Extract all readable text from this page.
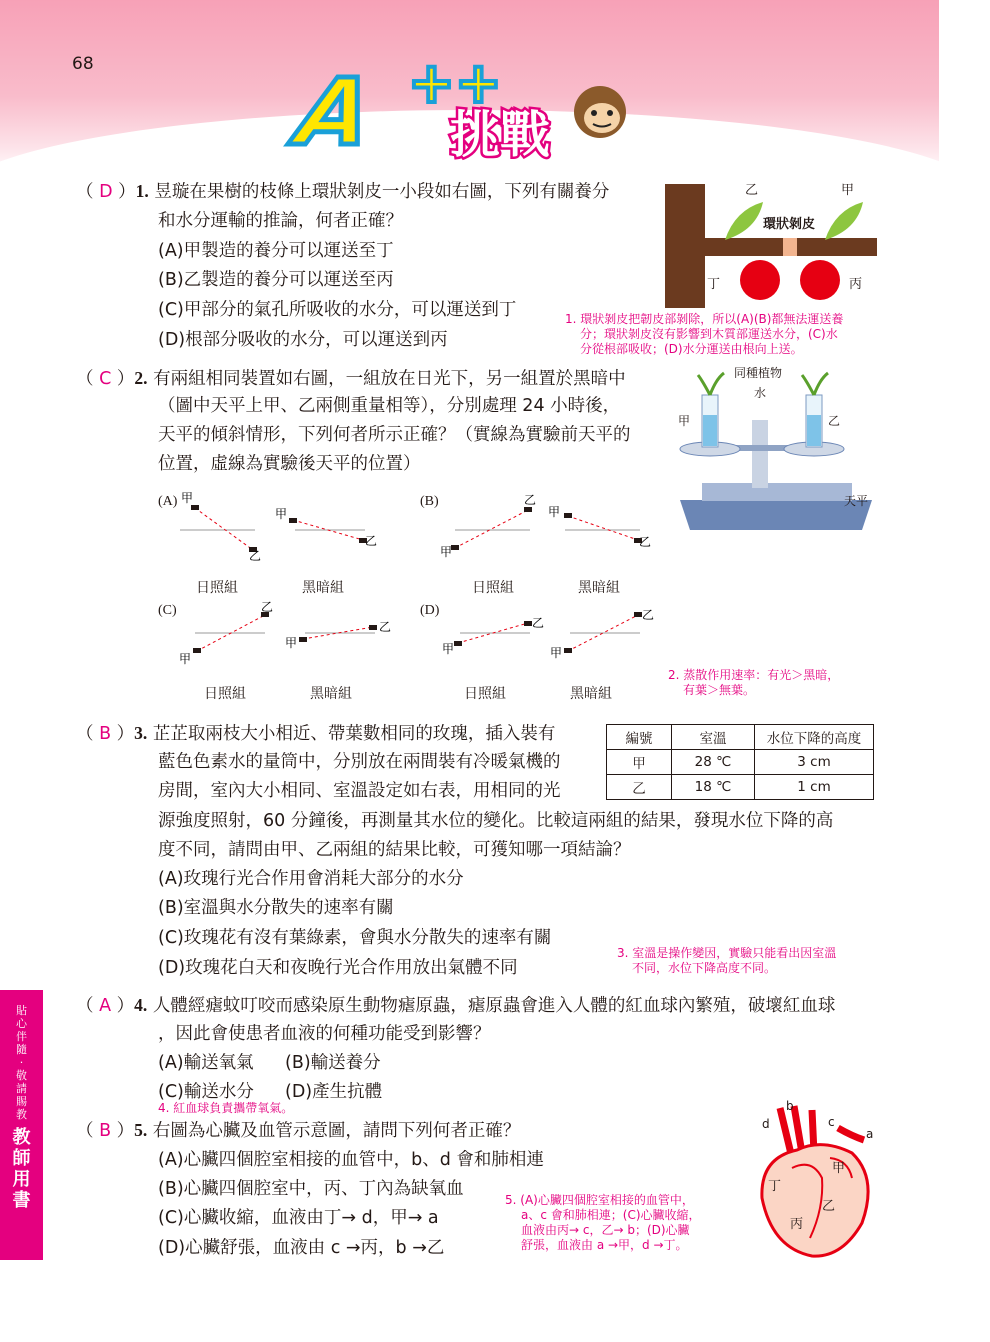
68 A ++
挑戰
貼
心
伴
隨
‧
敬
請
賜
教
教
師
用
書
（ D ）1. 昱璇在果樹的枝條上環狀剝皮一小段如右圖，下列有關養分
和水分運輸的推論，何者正確？
(A)甲製造的養分可以運送至丁
(B)乙製造的養分可以運送至丙
(C)甲部分的氣孔所吸收的水分，可以運送到丁
(D)根部分吸收的水分，可以運送到丙
乙	甲
環狀剝皮
丁	丙
1. 環狀剝皮把韌皮部剝除，所以(A)(B)都無法運送養
分；環狀剝皮沒有影響到木質部運送水分，(C)水
分從根部吸收；(D)水分運送由根向上送。
（ C ）2. 有兩組相同裝置如右圖，一組放在日光下，另一組置於黑暗中
（圖中天平上甲、乙兩側重量相等），分別處理 24 小時後，
天平的傾斜情形，下列何者所示正確？（實線為實驗前天平的
位置，虛線為實驗後天平的位置）
同種植物
水
甲	乙
天平
(A) 甲
乙
甲
乙
(B)
甲
乙
甲
乙
日照組	黑暗組	日照組	黑暗組
(C)
甲
乙
甲
乙
(D)
甲
乙
甲
乙
日照組	黑暗組	日照組	黑暗組
2. 蒸散作用速率：有光＞黑暗，
有葉＞無葉。
（ B ）3. 芷芷取兩枝大小相近、帶葉數相同的玫瑰，插入裝有
藍色色素水的量筒中，分別放在兩間裝有冷暖氣機的
房間，室內大小相同、室溫設定如右表，用相同的光
源強度照射，60 分鐘後，再測量其水位的變化。比較這兩組的結果，發現水位下降的高
度不同，請問由甲、乙兩組的結果比較，可獲知哪一項結論？
(A)玫瑰行光合作用會消耗大部分的水分
(B)室溫與水分散失的速率有關
(C)玫瑰花有沒有葉綠素，會與水分散失的速率有關
(D)玫瑰花白天和夜晚行光合作用放出氣體不同
編號	室溫	水位下降的高度
甲	28 ℃	3 cm
乙	18 ℃	1 cm
3. 室溫是操作變因，實驗只能看出因室溫
不同，水位下降高度不同。
（ A ）4. 人體經瘧蚊叮咬而感染原生動物瘧原蟲，瘧原蟲會進入人體的紅血球內繁殖，破壞紅血球
，因此會使患者血液的何種功能受到影響？
(A)輸送氧氣 (B)輸送養分
(C)輸送水分 (D)產生抗體
4. 紅血球負責攜帶氧氣。
（ B ）5. 右圖為心臟及血管示意圖，請問下列何者正確？
(A)心臟四個腔室相接的血管中，b、d 會和肺相連
(B)心臟四個腔室中，丙、丁內為缺氧血
(C)心臟收縮，血液由丁→ d，甲→ a
(D)心臟舒張，血液由 c →丙，b →乙
5. (A)心臟四個腔室相接的血管中，
a、c 會和肺相連；(C)心臟收縮，
血液由丙→ c，乙→ b；(D)心臟
舒張，血液由 a →甲，d →丁。
b
d	c
a
甲
丁
乙
丙
